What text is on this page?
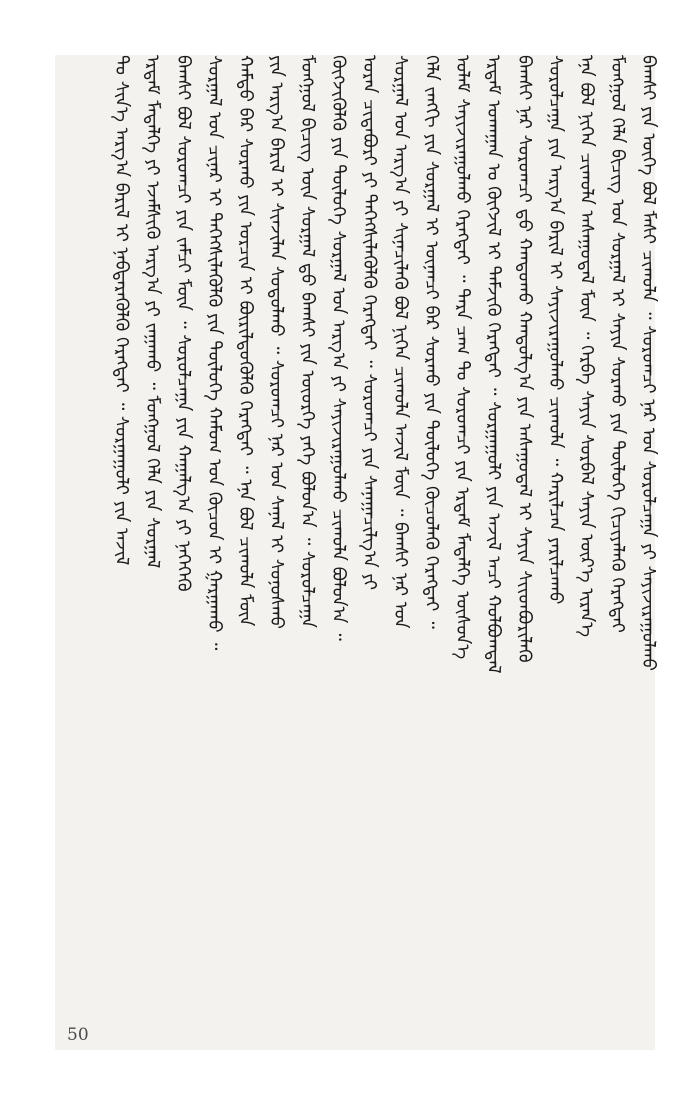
ᠪᠠᠭᠰᠢ ᠶᠢᠨ ᠦᠭᠡ ᠪᠣᠯ ᠮᠠᠰᠢ ᠴᠢᠬᠤᠯᠠ ᠃ ᠰᠤᠷᠤᠭᠴᠢ ᠨᠠᠷ ᠤᠨ ᠰᠤᠷᠤᠯᠴᠠᠭᠠ ᠶᠢ ᠰᠠᠶᠢᠵᠢᠷᠠᠭᠤᠯᠬᠤ
ᠮᠣᠩᠭᠣᠯ ᠬᠡᠯᠡ ᠪᠢᠴᠢᠭ ᠤᠨ ᠰᠤᠷᠭᠠᠯ ᠢ ᠰᠠᠶᠢᠨ ᠰᠤᠷᠬᠤ ᠶᠢᠨ ᠲᠥᠯᠦᠭᠡ ᠬᠢᠴᠢᠶᠡᠯᠡᠬᠦ ᠬᠡᠷᠡᠭᠲᠡᠢ
ᠡᠨᠡ ᠪᠣᠯ ᠨᠢᠭᠡᠨ ᠴᠢᠬᠤᠯᠠ ᠠᠰᠠᠭᠤᠳᠠᠯ ᠮᠥᠨ ᠃ ᠬᠡᠷᠪᠡ ᠰᠠᠶᠢᠨ ᠰᠤᠷᠪᠠᠯ ᠰᠠᠶᠢᠨ ᠦᠷ᠎ᠡ ᠢᠷᠡᠨ᠎ᠡ
ᠰᠤᠷᠤᠯᠴᠠᠭᠠ ᠶᠢᠨ ᠠᠷᠭ᠎ᠠ ᠪᠠᠷᠢᠯ ᠢ ᠰᠠᠶᠢᠵᠢᠷᠠᠭᠤᠯᠬᠤ ᠴᠢᠬᠤᠯᠠ ᠃ ᠬᠠᠷᠢᠯᠴᠠᠨ ᠶᠠᠷᠢᠯᠴᠠᠬᠤ
ᠪᠠᠭᠰᠢ ᠨᠠᠷ ᠰᠤᠷᠤᠭᠴᠢ ᠳ᠋ᠤ ᠬᠠᠨᠳᠤᠬᠤ ᠬᠠᠨᠳᠤᠯᠭ᠎ᠠ ᠶᠢᠨ ᠠᠰᠠᠭᠤᠳᠠᠯ ᠢ ᠰᠠᠶᠢᠨ ᠰᠢᠢᠳᠪᠦᠷᠢᠯᠡᠬᠦ
ᠡᠷᠳᠡᠮ ᠤᠬᠠᠭᠠᠨ ᠤ ᠬᠥᠭᠵᠢᠯ ᠢ ᠳᠡᠮᠵᠢᠬᠦ ᠬᠡᠷᠡᠭᠲᠡᠢ ᠃ ᠰᠤᠷᠭᠠᠭᠤᠯᠢ ᠶᠢᠨ ᠠᠵᠢᠯ ᠠᠴᠢ ᠬᠣᠯᠪᠣᠭᠳᠠᠯ
ᠤᠯᠠᠮ ᠰᠠᠶᠢᠵᠢᠷᠠᠭᠤᠯᠬᠤ ᠬᠡᠷᠡᠭᠲᠡᠢ ᠃ ᠲᠡᠷᠡ ᠴᠠᠭ ᠲᠤ ᠰᠤᠷᠤᠭᠴᠢ ᠶᠢᠨ ᠡᠷᠳᠡᠮ ᠮᠡᠳᠡᠯᠭᠡ ᠥᠰᠦᠨ᠎ᠡ
ᠬᠡᠯᠡ ᠵᠠᠩᠭᠢ ᠶᠢᠨ ᠰᠤᠷᠭᠠᠯ ᠢ ᠦᠨᠡᠨᠴᠢ ᠪᠡᠷ ᠰᠤᠷᠬᠤ ᠶᠢᠨ ᠲᠥᠯᠦᠭᠡ ᠬᠦᠴᠦᠯᠡᠬᠦ ᠬᠡᠷᠡᠭᠲᠡᠢ ᠃
ᠰᠤᠷᠭᠠᠯ ᠤᠨ ᠠᠷᠭ᠎ᠠ ᠶᠢ ᠰᠢᠨᠡᠴᠢᠯᠡᠬᠦ ᠪᠣᠯ ᠨᠢᠭᠡᠨ ᠴᠢᠬᠤᠯᠠ ᠠᠵᠢᠯ ᠮᠥᠨ ᠃ ᠪᠠᠭᠰᠢ ᠨᠠᠷ ᠤᠨ
ᠤᠷᠠᠨ ᠴᠢᠳᠠᠪᠤᠷᠢ ᠶᠢ ᠳᠡᠭᠡᠭᠰᠢᠯᠡᠭᠦᠯᠬᠦ ᠬᠡᠷᠡᠭᠲᠡᠢ ᠃ ᠰᠤᠷᠤᠭᠴᠢ ᠶᠢᠨ ᠰᠠᠨᠠᠭᠠᠴᠢᠯᠭ᠎ᠠ ᠶᠢ
ᠬᠥᠭᠵᠢᠭᠦᠯᠬᠦ ᠶᠢᠨ ᠲᠥᠯᠦᠭᠡ ᠰᠤᠷᠭᠠᠯ ᠤᠨ ᠠᠷᠭ᠎ᠠ ᠶᠢ ᠰᠠᠶᠢᠵᠢᠷᠠᠭᠤᠯᠬᠤ ᠴᠢᠬᠤᠯᠠ ᠪᠣᠯᠤᠨ᠎ᠠ ᠃
ᠮᠣᠩᠭᠣᠯ ᠪᠢᠴᠢᠭ ᠦᠨ ᠰᠤᠷᠭᠠᠯ ᠳ᠋ᠤ ᠪᠠᠭᠰᠢ ᠶᠢᠨ ᠦᠦᠷᠭᠡ ᠶᠡᠬᠡ ᠪᠣᠯᠤᠨ᠎ᠠ ᠃ ᠰᠤᠷᠤᠯᠴᠠᠭᠠ
ᠶᠢᠨ ᠠᠷᠭ᠎ᠠ ᠪᠠᠷᠢᠯ ᠢ ᠰᠢᠨᠵᠢᠯᠡᠨ ᠰᠤᠳᠤᠯᠬᠤ ᠃ ᠰᠤᠷᠤᠭᠴᠢ ᠨᠠᠷ ᠤᠨ ᠰᠠᠨᠠᠯ ᠢ ᠰᠣᠨᠣᠰᠬᠤ
ᠬᠠᠮᠲᠤ ᠪᠡᠷ ᠰᠤᠷᠬᠤ ᠶᠢᠨ ᠤᠷᠴᠢᠨ ᠢ ᠪᠦᠷᠢᠯᠳᠦᠭᠦᠯᠬᠦ ᠬᠡᠷᠡᠭᠲᠡᠢ ᠃ ᠡᠨᠡ ᠪᠣᠯ ᠴᠢᠬᠤᠯᠠ ᠮᠥᠨ
ᠰᠤᠷᠭᠠᠯ ᠤᠨ ᠴᠢᠨᠠᠷ ᠢ ᠳᠡᠭᠡᠭᠰᠢᠯᠡᠭᠦᠯᠬᠦ ᠶᠢᠨ ᠲᠥᠯᠦᠭᠡ ᠬᠠᠮᠤᠭ ᠤᠨ ᠬᠦᠴᠦᠨ ᠢ ᠭᠠᠷᠭᠠᠬᠤ ᠃
ᠪᠠᠭᠰᠢ ᠪᠣᠯ ᠰᠤᠷᠤᠭᠴᠢ ᠶᠢᠨ ᠵᠠᠮᠴᠢ ᠮᠥᠨ ᠃ ᠰᠤᠷᠤᠯᠴᠠᠭᠠ ᠶᠢᠨ ᠬᠠᠭᠠᠯᠭ᠎ᠠ ᠶᠢ ᠨᠡᠭᠡᠭᠡᠬᠦ
ᠡᠷᠳᠡᠮ ᠮᠡᠳᠡᠯᠭᠡ ᠶᠢ ᠡᠵᠡᠮᠰᠢᠬᠦ ᠠᠷᠭ᠎ᠠ ᠶᠢ ᠵᠠᠭᠠᠬᠤ ᠃ ᠮᠣᠩᠭᠣᠯ ᠬᠡᠯᠡ ᠶᠢᠨ ᠰᠤᠷᠭᠠᠯ
ᠲᠤ ᠰᠢᠨ᠎ᠡ ᠠᠷᠭ᠎ᠠ ᠪᠠᠷᠢᠯ ᠢ ᠨᠡᠪᠲᠡᠷᠡᠭᠦᠯᠬᠦ ᠬᠡᠷᠡᠭᠲᠡᠢ ᠃ ᠰᠤᠷᠭᠠᠭᠤᠯᠢ ᠶᠢᠨ ᠠᠵᠢᠯ

50
